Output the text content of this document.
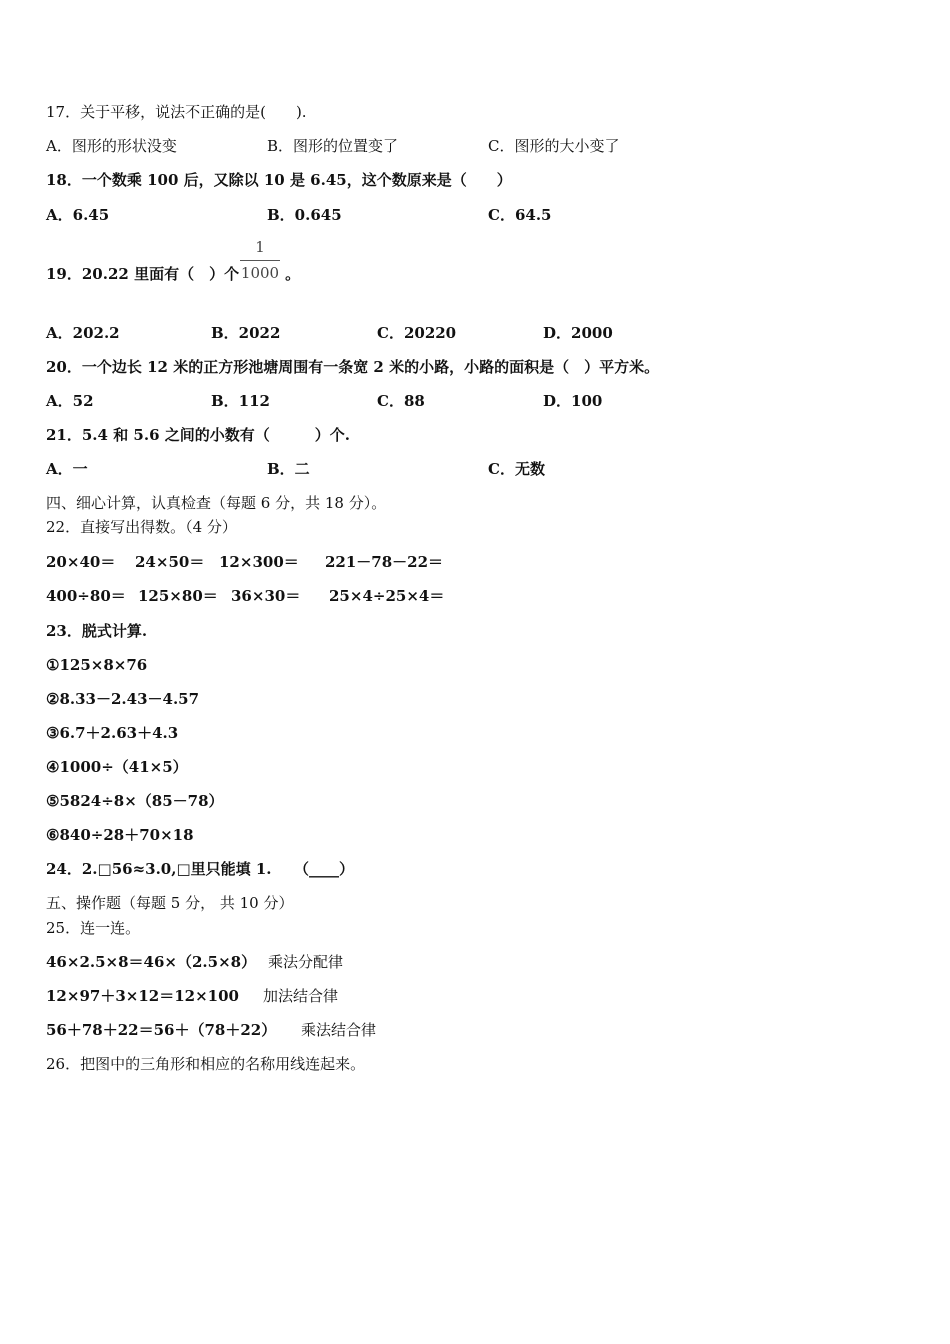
17．关于平移，说法不正确的是(　　).
A．图形的形状没变	B．图形的位置变了	C．图形的大小变了
18．一个数乘 100 后，又除以 10 是 6.45，这个数原来是（　　）
A．6.45	B．0.645	C．64.5
19．20.22 里面有（　）个	。
1
1000
A．202.2	B．2022	C．20220	D．2000
20．一个边长 12 米的正方形池塘周围有一条宽 2 米的小路，小路的面积是（　）平方米。
A．52	B．112	C．88	D．100
21．5.4 和 5.6 之间的小数有（　　　）个.
A．一	B．二	C．无数
四、细心计算，认真检查（每题 6 分，共 18 分）。
22．直接写出得数。（4 分）
20×40＝ 24×50＝ 12×300＝ 221－78－22＝
400÷80＝ 125×80＝ 36×30＝ 25×4÷25×4＝
23．脱式计算.
①125×8×76
②8.33－2.43－4.57
③6.7＋2.63＋4.3
④1000÷（41×5）
⑤5824÷8×（85－78）
⑥840÷28＋70×18
24．2.□56≈3.0,□里只能填 1.　　（____）
五、操作题（每题 5 分， 共 10 分）
25．连一连。
46×2.5×8＝46×（2.5×8） 乘法分配律
12×97＋3×12＝12×100 加法结合律
56＋78＋22＝56＋（78＋22） 乘法结合律
26．把图中的三角形和相应的名称用线连起来。
